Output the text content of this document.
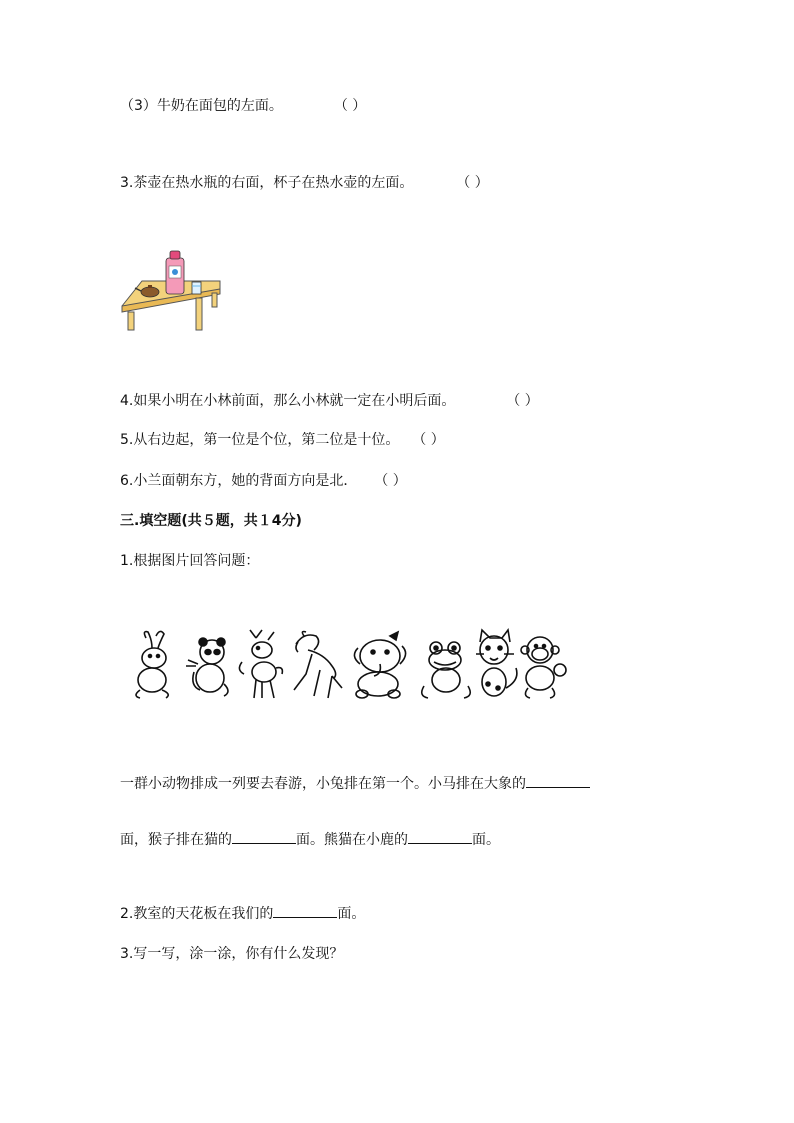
（3）牛奶在面包的左面。	（ ）
3.茶壶在热水瓶的右面，杯子在热水壶的左面。	（ ）
4.如果小明在小林前面，那么小林就一定在小明后面。	（ ）
5.从右边起，第一位是个位，第二位是十位。 （ ）
6.小兰面朝东方，她的背面方向是北． （ ）
三.填空题(共５题，共１4分)
1.根据图片回答问题：
一群小动物排成一列要去春游，小兔排在第一个。小马排在大象的
面，猴子排在猫的	面。熊猫在小鹿的	面。
2.教室的天花板在我们的	面。
3.写一写，涂一涂，你有什么发现？
